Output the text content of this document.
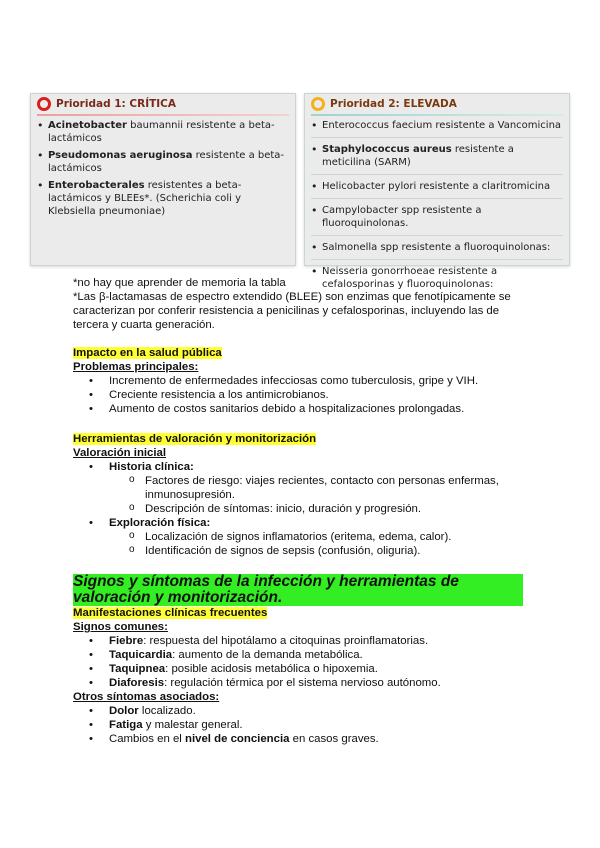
Prioridad 1: CRÍTICA
• Acinetobacter baumannii resistente a beta-lactámicos
• Pseudomonas aeruginosa resistente a beta-lactámicos
• Enterobacterales resistentes a beta-lactámicos y BLEEs*. (Scherichia coli y Klebsiella pneumoniae)
Prioridad 2: ELEVADA
• Enterococcus faecium resistente a Vancomicina
• Staphylococcus aureus resistente a meticilina (SARM)
• Helicobacter pylori resistente a claritromicina
• Campylobacter spp resistente a fluoroquinolonas.
• Salmonella spp resistente a fluoroquinolonas:
• Neisseria gonorrhoeae resistente a cefalosporinas y fluoroquinolonas:

*no hay que aprender de memoria la tabla

*Las β-lactamasas de espectro extendido (BLEE) son enzimas que fenotípicamente se caracterizan por conferir resistencia a penicilinas y cefalosporinas, incluyendo las de tercera y cuarta generación.

Impacto en la salud pública
Problemas principales:
• Incremento de enfermedades infecciosas como tuberculosis, gripe y VIH.
• Creciente resistencia a los antimicrobianos.
• Aumento de costos sanitarios debido a hospitalizaciones prolongadas.
Herramientas de valoración y monitorización
Valoración inicial
• Historia clínica:
o Factores de riesgo: viajes recientes, contacto con personas enfermas, inmunosupresión.
o Descripción de síntomas: inicio, duración y progresión.
• Exploración física:
o Localización de signos inflamatorios (eritema, edema, calor).
o Identificación de signos de sepsis (confusión, oliguria).
Signos y síntomas de la infección y herramientas de valoración y monitorización.
Manifestaciones clínicas frecuentes
Signos comunes:
• Fiebre: respuesta del hipotálamo a citoquinas proinflamatorias.
• Taquicardia: aumento de la demanda metabólica.
• Taquipnea: posible acidosis metabólica o hipoxemia.
• Diaforesis: regulación térmica por el sistema nervioso autónomo.
Otros síntomas asociados:
• Dolor localizado.
• Fatiga y malestar general.
• Cambios en el nivel de conciencia en casos graves.
